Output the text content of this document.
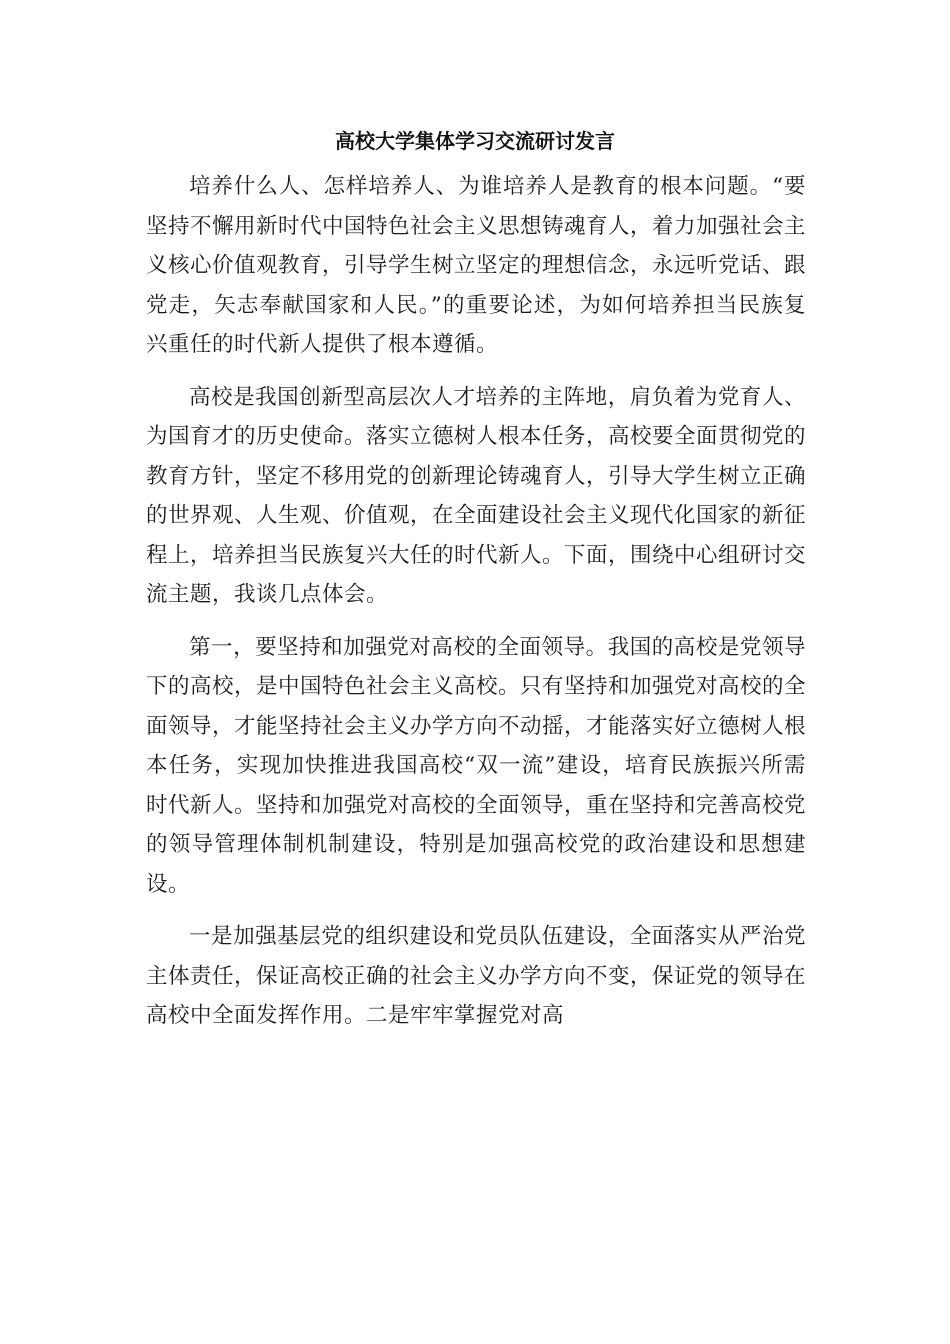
高校大学集体学习交流研讨发言

培养什么人、怎样培养人、为谁培养人是教育的根本问题。“要坚持不懈用新时代中国特色社会主义思想铸魂育人，着力加强社会主义核心价值观教育，引导学生树立坚定的理想信念，永远听党话、跟党走，矢志奉献国家和人民。”的重要论述，为如何培养担当民族复兴重任的时代新人提供了根本遵循。

高校是我国创新型高层次人才培养的主阵地，肩负着为党育人、为国育才的历史使命。落实立德树人根本任务，高校要全面贯彻党的教育方针，坚定不移用党的创新理论铸魂育人，引导大学生树立正确的世界观、人生观、价值观，在全面建设社会主义现代化国家的新征程上，培养担当民族复兴大任的时代新人。下面，围绕中心组研讨交流主题，我谈几点体会。

第一，要坚持和加强党对高校的全面领导。我国的高校是党领导下的高校，是中国特色社会主义高校。只有坚持和加强党对高校的全面领导，才能坚持社会主义办学方向不动摇，才能落实好立德树人根本任务，实现加快推进我国高校“双一流”建设，培育民族振兴所需时代新人。坚持和加强党对高校的全面领导，重在坚持和完善高校党的领导管理体制机制建设，特别是加强高校党的政治建设和思想建设。

一是加强基层党的组织建设和党员队伍建设，全面落实从严治党主体责任，保证高校正确的社会主义办学方向不变，保证党的领导在高校中全面发挥作用。二是牢牢掌握党对高
